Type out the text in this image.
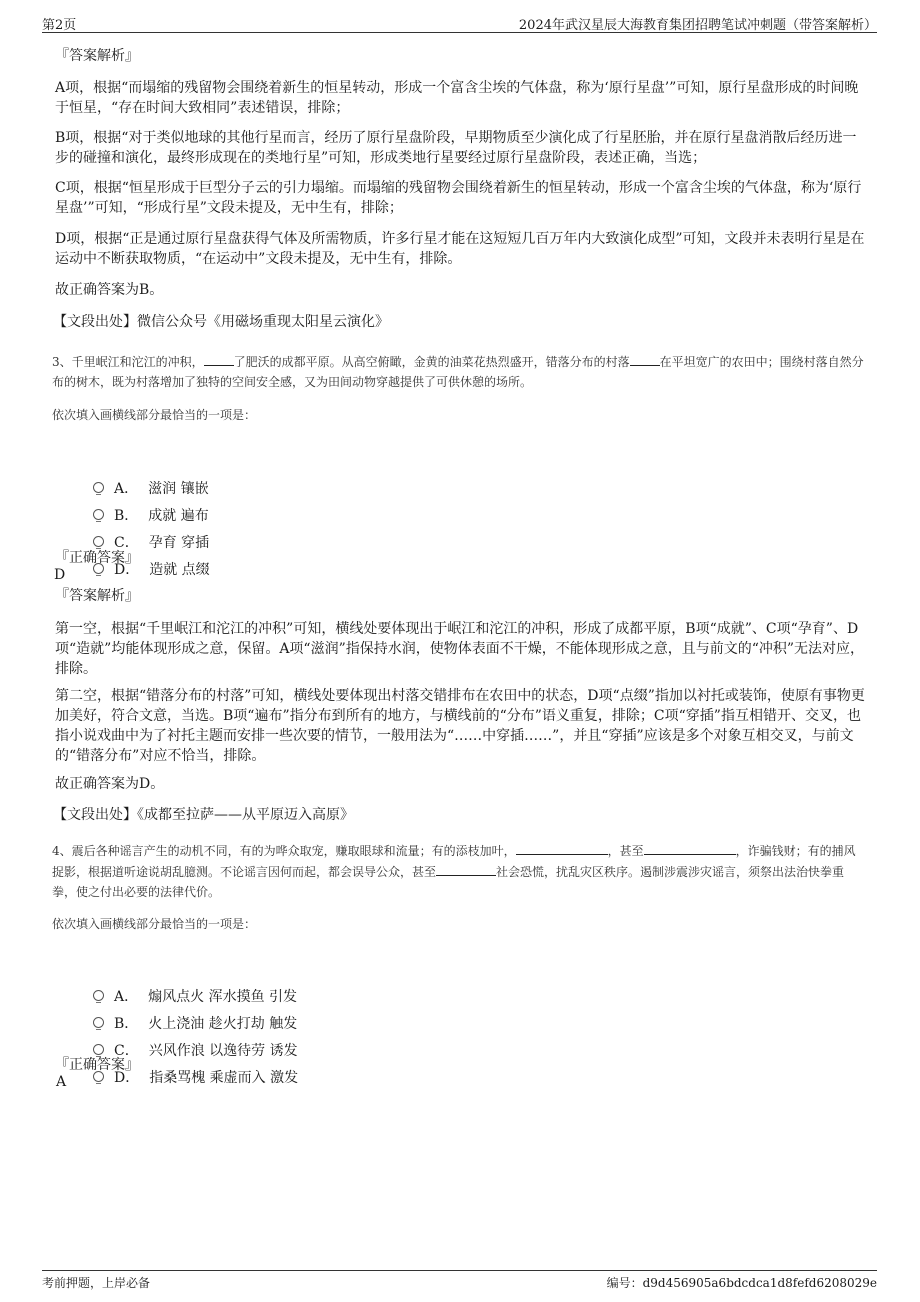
第2页	2024年武汉星辰大海教育集团招聘笔试冲刺题（带答案解析）

『答案解析』

A项，根据“而塌缩的残留物会围绕着新生的恒星转动，形成一个富含尘埃的气体盘，称为‘原行星盘’”可知，原行星盘形成的时间晚于恒星，“存在时间大致相同”表述错误，排除；

B项，根据“对于类似地球的其他行星而言，经历了原行星盘阶段，早期物质至少演化成了行星胚胎，并在原行星盘消散后经历进一步的碰撞和演化，最终形成现在的类地行星”可知，形成类地行星要经过原行星盘阶段，表述正确，当选；

C项，根据“恒星形成于巨型分子云的引力塌缩。而塌缩的残留物会围绕着新生的恒星转动，形成一个富含尘埃的气体盘，称为‘原行星盘’”可知，“形成行星”文段未提及，无中生有，排除；

D项，根据“正是通过原行星盘获得气体及所需物质，许多行星才能在这短短几百万年内大致演化成型”可知，文段并未表明行星是在运动中不断获取物质，“在运动中”文段未提及，无中生有，排除。

故正确答案为B。

【文段出处】微信公众号《用磁场重现太阳星云演化》

3、千里岷江和沱江的冲积，	了肥沃的成都平原。从高空俯瞰，金黄的油菜花热烈盛开，错落分布的村落	在平坦宽广的农田中；围绕村落自然分布的树木，既为村落增加了独特的空间安全感，又为田间动物穿越提供了可供休憩的场所。

依次填入画横线部分最恰当的一项是：

A． 滋润 镶嵌
B． 成就 遍布
C． 孕育 穿插
D． 造就 点缀

『正确答案』

D

『答案解析』

第一空，根据“千里岷江和沱江的冲积”可知，横线处要体现出于岷江和沱江的冲积，形成了成都平原，B项“成就”、C项“孕育”、D项“造就”均能体现形成之意，保留。A项“滋润”指保持水润，使物体表面不干燥，不能体现形成之意，且与前文的“冲积”无法对应，排除。

第二空，根据“错落分布的村落”可知，横线处要体现出村落交错排布在农田中的状态，D项“点缀”指加以衬托或装饰，使原有事物更加美好，符合文意，当选。B项“遍布”指分布到所有的地方，与横线前的“分布”语义重复，排除；C项“穿插”指互相错开、交叉，也指小说戏曲中为了衬托主题而安排一些次要的情节，一般用法为“……中穿插……”，并且“穿插”应该是多个对象互相交叉，与前文的“错落分布”对应不恰当，排除。

故正确答案为D。

【文段出处】《成都至拉萨——从平原迈入高原》

4、震后各种谣言产生的动机不同，有的为哗众取宠，赚取眼球和流量；有的添枝加叶，	，甚至	，诈骗钱财；有的捕风捉影，根据道听途说胡乱臆测。不论谣言因何而起，都会误导公众，甚至	社会恐慌，扰乱灾区秩序。遏制涉震涉灾谣言，须祭出法治快拳重拳，使之付出必要的法律代价。

依次填入画横线部分最恰当的一项是：

A． 煽风点火 浑水摸鱼 引发
B． 火上浇油 趁火打劫 触发
C． 兴风作浪 以逸待劳 诱发
D． 指桑骂槐 乘虚而入 激发

『正确答案』

A

考前押题，上岸必备	编号：d9d456905a6bdcdca1d8fefd6208029e
